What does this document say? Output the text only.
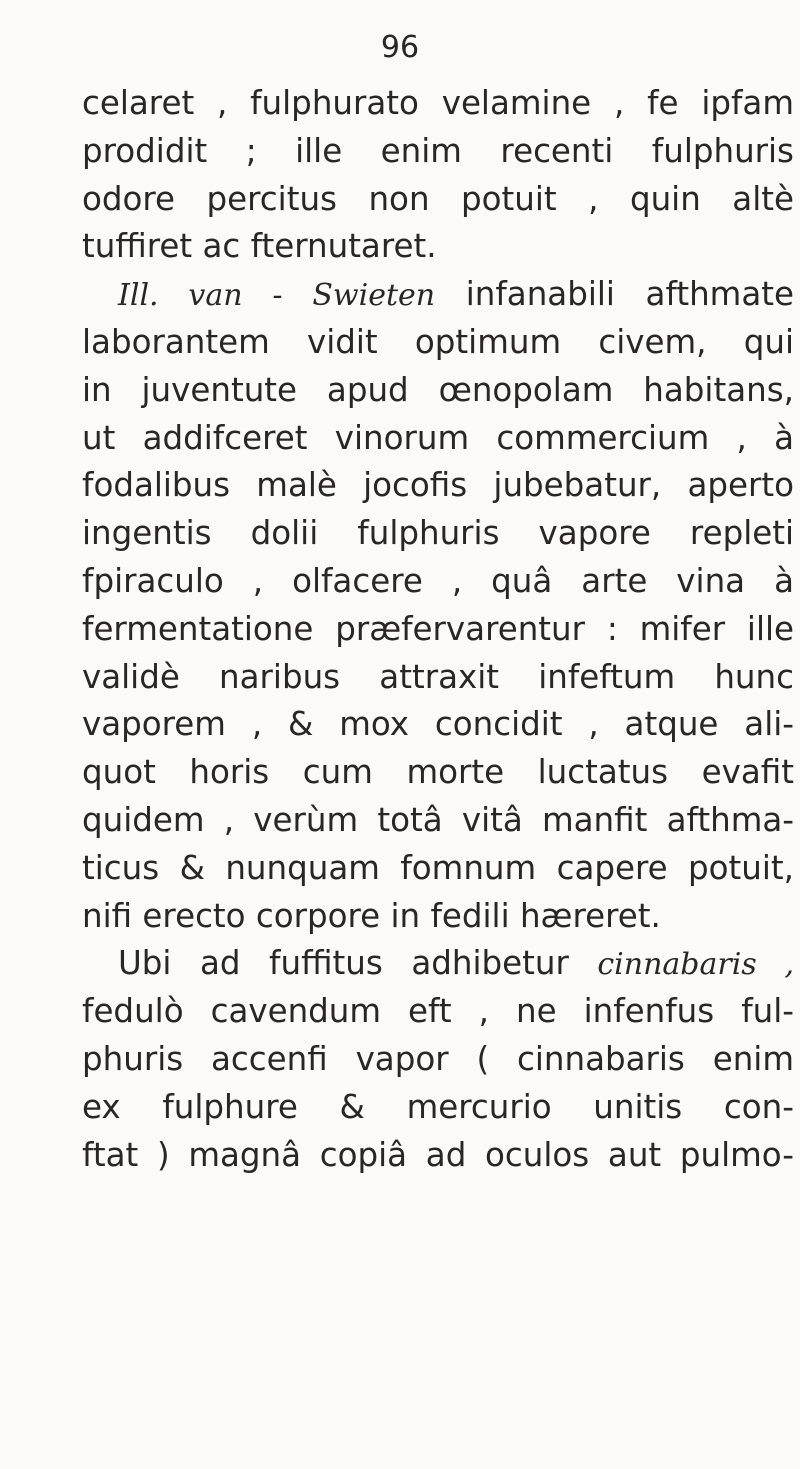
96
celaret , fulphurato velamine , fe ipfam
prodidit ; ille enim recenti fulphuris
odore percitus non potuit , quin altè
tuffiret ac fternutaret.
Ill. van - Swieten infanabili afthmate
laborantem vidit optimum civem, qui
in juventute apud œnopolam habitans,
ut addifceret vinorum commercium , à
fodalibus malè jocofis jubebatur, aperto
ingentis dolii fulphuris vapore repleti
fpiraculo , olfacere , quâ arte vina à
fermentatione præfervarentur : mifer ille
validè naribus attraxit infeftum hunc
vaporem , & mox concidit , atque ali-
quot horis cum morte luctatus evafit
quidem , verùm totâ vitâ manfit afthma-
ticus & nunquam fomnum capere potuit,
nifi erecto corpore in fedili hæreret.
Ubi ad fuffitus adhibetur cinnabaris ,
fedulò cavendum eft , ne infenfus ful-
phuris accenfi vapor ( cinnabaris enim
ex fulphure & mercurio unitis con-
ftat ) magnâ copiâ ad oculos aut pulmo-
